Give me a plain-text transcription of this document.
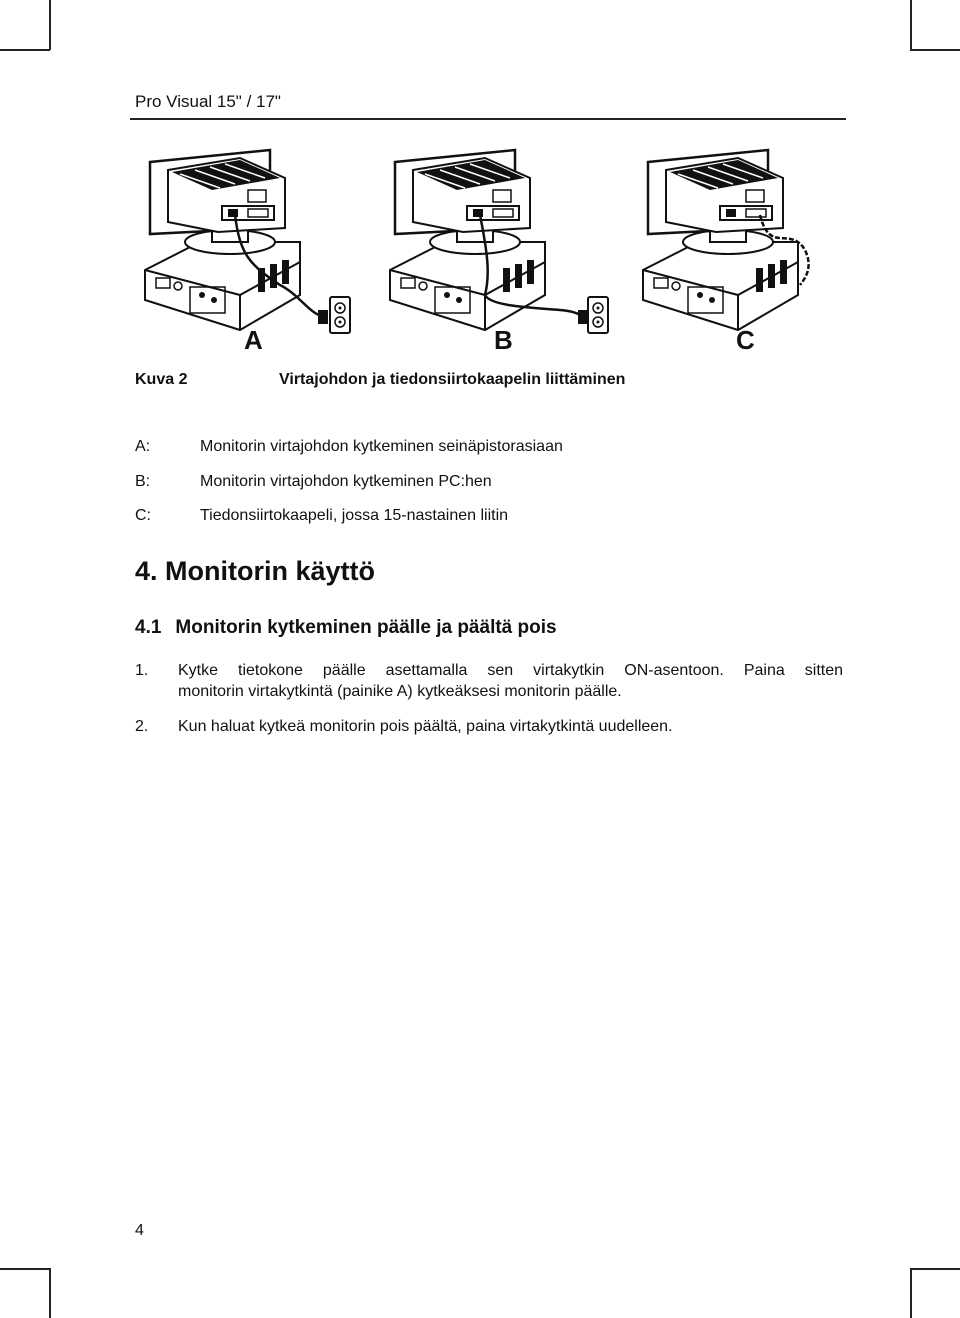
Pro Visual 15" / 17"
A	B	C
Kuva 2	Virtajohdon ja tiedonsiirtokaapelin liittäminen
A:	Monitorin virtajohdon kytkeminen seinäpistorasiaan
B:	Monitorin virtajohdon kytkeminen PC:hen
C:	Tiedonsiirtokaapeli, jossa 15-nastainen liitin
4. Monitorin käyttö
4.1 Monitorin kytkeminen päälle ja päältä pois
1. Kytke tietokone päälle asettamalla sen virtakytkin ON-asentoon. Paina sitten
monitorin virtakytkintä (painike A) kytkeäksesi monitorin päälle.
2. Kun haluat kytkeä monitorin pois päältä, paina virtakytkintä uudelleen.
4
